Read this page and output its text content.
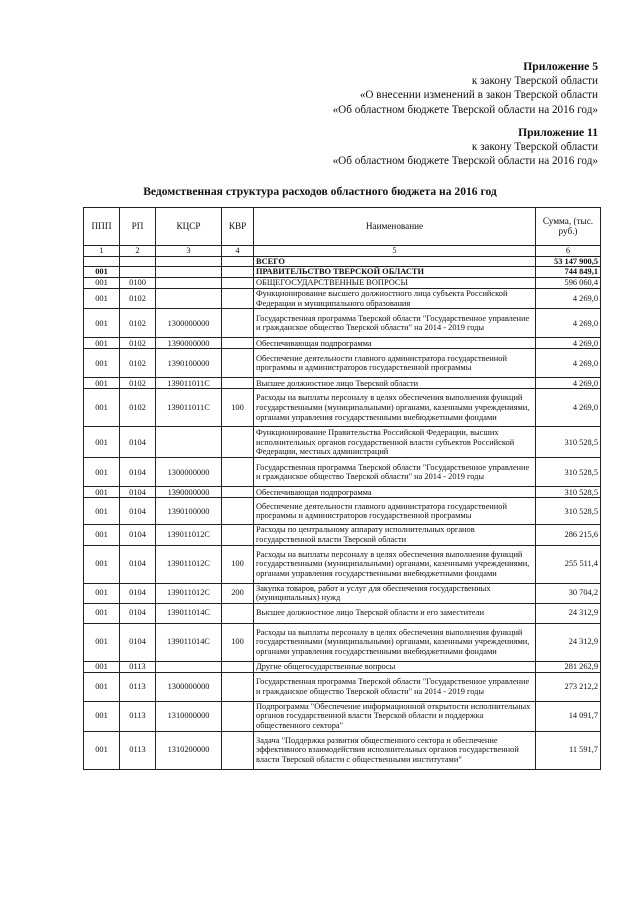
Приложение 5
к закону Тверской области
«О внесении изменений в закон Тверской области
«Об областном бюджете Тверской области на 2016 год»
Приложение 11
к закону Тверской области
«Об областном бюджете Тверской области на 2016 год»
Ведомственная структура расходов областного бюджета на 2016 год
ППП	РП	КЦСР	КВР	Наименование	Сумма, (тыс. руб.)
1	2	3	4	5	6
				ВСЕГО	53 147 900,5
001				ПРАВИТЕЛЬСТВО ТВЕРСКОЙ ОБЛАСТИ	744 849,1
001	0100			ОБЩЕГОСУДАРСТВЕННЫЕ ВОПРОСЫ	596 060,4
001	0102			Функционирование высшего должностного лица субъекта Российской Федерации и муниципального образования	4 269,0
001	0102	1300000000		Государственная программа Тверской области "Государственное управление и гражданское общество Тверской области" на 2014 - 2019 годы	4 269,0
001	0102	1390000000		Обеспечивающая подпрограмма	4 269,0
001	0102	1390100000		Обеспечение деятельности главного администратора государственной программы и администраторов государственной программы	4 269,0
001	0102	139011011С		Высшее должностное лицо Тверской области	4 269,0
001	0102	139011011С	100	Расходы на выплаты персоналу в целях обеспечения выполнения функций государственными (муниципальными) органами, казенными учреждениями, органами управления государственными внебюджетными фондами	4 269,0
001	0104			Функционирование Правительства Российской Федерации, высших исполнительных органов государственной власти субъектов Российской Федерации, местных администраций	310 528,5
001	0104	1300000000		Государственная программа Тверской области "Государственное управление и гражданское общество Тверской области" на 2014 - 2019 годы	310 528,5
001	0104	1390000000		Обеспечивающая подпрограмма	310 528,5
001	0104	1390100000		Обеспечение деятельности главного администратора государственной программы и администраторов государственной программы	310 528,5
001	0104	139011012С		Расходы по центральному аппарату исполнительных органов государственной власти Тверской области	286 215,6
001	0104	139011012С	100	Расходы на выплаты персоналу в целях обеспечения выполнения функций государственными (муниципальными) органами, казенными учреждениями, органами управления государственными внебюджетными фондами	255 511,4
001	0104	139011012С	200	Закупка товаров, работ и услуг для обеспечения государственных (муниципальных) нужд	30 704,2
001	0104	139011014С		Высшее должностное лицо Тверской области и его заместители	24 312,9
001	0104	139011014С	100	Расходы на выплаты персоналу в целях обеспечения выполнения функций государственными (муниципальными) органами, казенными учреждениями, органами управления государственными внебюджетными фондами	24 312,9
001	0113			Другие общегосударственные вопросы	281 262,9
001	0113	1300000000		Государственная программа Тверской области "Государственное управление и гражданское общество Тверской области" на 2014 - 2019 годы	273 212,2
001	0113	1310000000		Подпрограмма "Обеспечение информационной открытости исполнительных органов государственной власти Тверской области и поддержка общественного сектора"	14 091,7
001	0113	1310200000		Задача "Поддержка развития общественного сектора и обеспечение эффективного взаимодействия исполнительных органов государственной власти Тверской области с общественными институтами"	11 591,7
